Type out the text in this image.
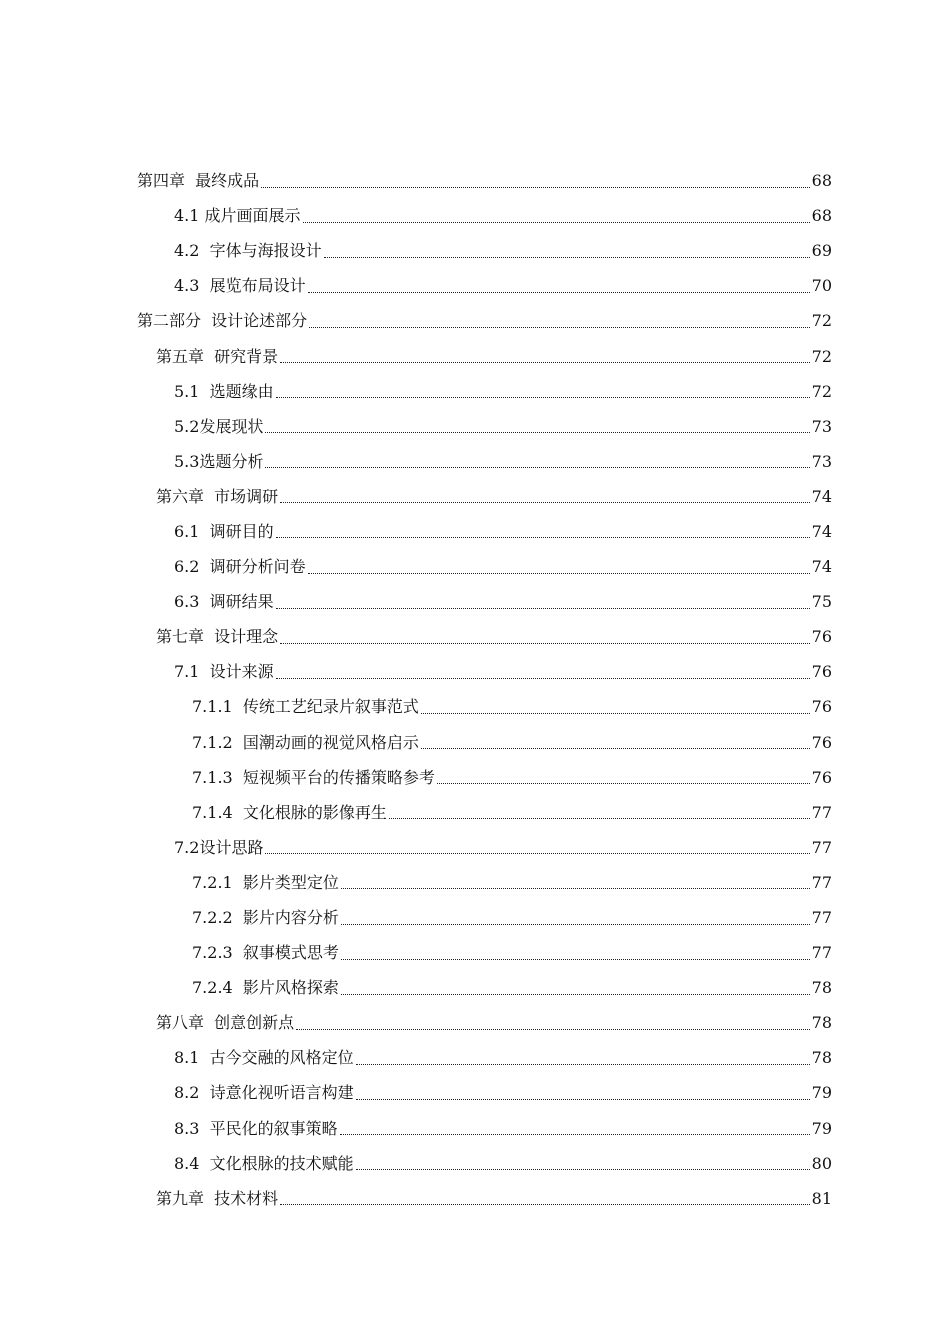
第四章  最终成品	68
4.1 成片画面展示	68
4.2  字体与海报设计	69
4.3  展览布局设计	70
第二部分  设计论述部分	72
第五章  研究背景	72
5.1  选题缘由	72
5.2发展现状	73
5.3选题分析	73
第六章  市场调研	74
6.1  调研目的	74
6.2  调研分析问卷	74
6.3  调研结果	75
第七章  设计理念	76
7.1  设计来源	76
7.1.1  传统工艺纪录片叙事范式	76
7.1.2  国潮动画的视觉风格启示	76
7.1.3  短视频平台的传播策略参考	76
7.1.4  文化根脉的影像再生	77
7.2设计思路	77
7.2.1  影片类型定位	77
7.2.2  影片内容分析	77
7.2.3  叙事模式思考	77
7.2.4  影片风格探索	78
第八章  创意创新点	78
8.1  古今交融的风格定位	78
8.2  诗意化视听语言构建	79
8.3  平民化的叙事策略	79
8.4  文化根脉的技术赋能	80
第九章  技术材料	81
